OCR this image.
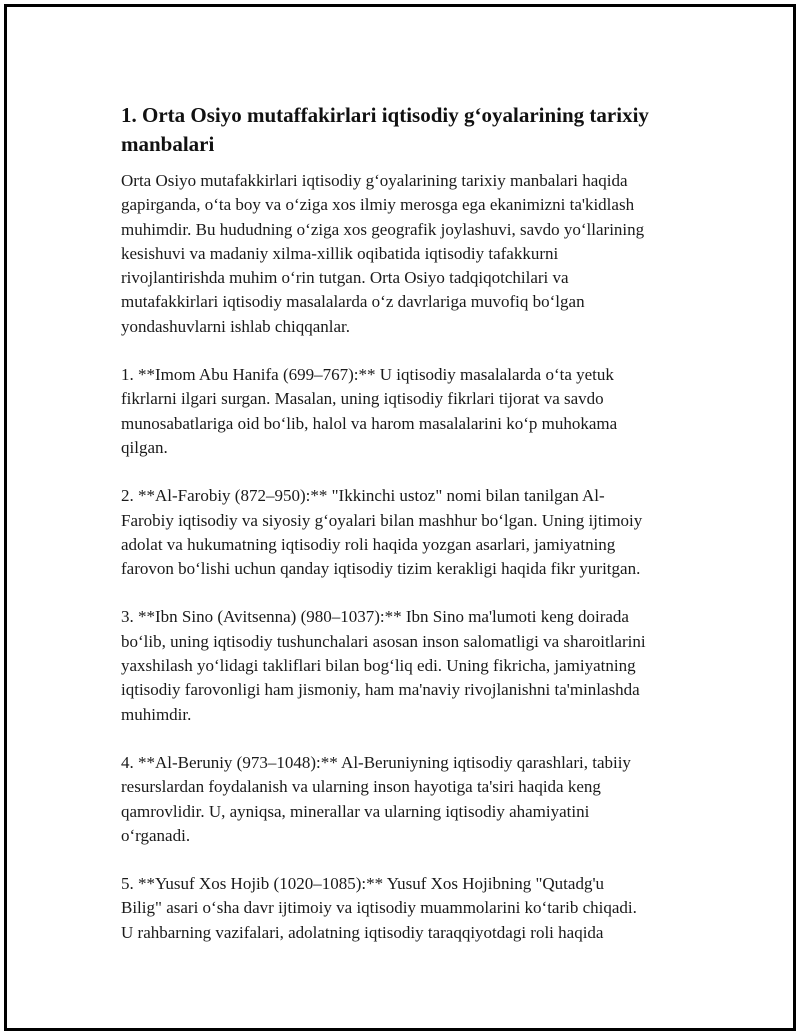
1. Orta Osiyo mutaffakirlari iqtisodiy g‘oyalarining tarixiy
manbalari

Orta Osiyo mutafakkirlari iqtisodiy g‘oyalarining tarixiy manbalari haqida
gapirganda, o‘ta boy va o‘ziga xos ilmiy merosga ega ekanimizni ta'kidlash
muhimdir. Bu hududning o‘ziga xos geografik joylashuvi, savdo yo‘llarining
kesishuvi va madaniy xilma-xillik oqibatida iqtisodiy tafakkurni
rivojlantirishda muhim o‘rin tutgan. Orta Osiyo tadqiqotchilari va
mutafakkirlari iqtisodiy masalalarda o‘z davrlariga muvofiq bo‘lgan
yondashuvlarni ishlab chiqqanlar.

1. **Imom Abu Hanifa (699–767):** U iqtisodiy masalalarda o‘ta yetuk
fikrlarni ilgari surgan. Masalan, uning iqtisodiy fikrlari tijorat va savdo
munosabatlariga oid bo‘lib, halol va harom masalalarini ko‘p muhokama
qilgan.

2. **Al-Farobiy (872–950):** "Ikkinchi ustoz" nomi bilan tanilgan Al-
Farobiy iqtisodiy va siyosiy g‘oyalari bilan mashhur bo‘lgan. Uning ijtimoiy
adolat va hukumatning iqtisodiy roli haqida yozgan asarlari, jamiyatning
farovon bo‘lishi uchun qanday iqtisodiy tizim kerakligi haqida fikr yuritgan.

3. **Ibn Sino (Avitsenna) (980–1037):** Ibn Sino ma'lumoti keng doirada
bo‘lib, uning iqtisodiy tushunchalari asosan inson salomatligi va sharoitlarini
yaxshilash yo‘lidagi takliflari bilan bog‘liq edi. Uning fikricha, jamiyatning
iqtisodiy farovonligi ham jismoniy, ham ma'naviy rivojlanishni ta'minlashda
muhimdir.

4. **Al-Beruniy (973–1048):** Al-Beruniyning iqtisodiy qarashlari, tabiiy
resurslardan foydalanish va ularning inson hayotiga ta'siri haqida keng
qamrovlidir. U, ayniqsa, minerallar va ularning iqtisodiy ahamiyatini
o‘rganadi.

5. **Yusuf Xos Hojib (1020–1085):** Yusuf Xos Hojibning "Qutadg'u
Bilig" asari o‘sha davr ijtimoiy va iqtisodiy muammolarini ko‘tarib chiqadi.
U rahbarning vazifalari, adolatning iqtisodiy taraqqiyotdagi roli haqida
